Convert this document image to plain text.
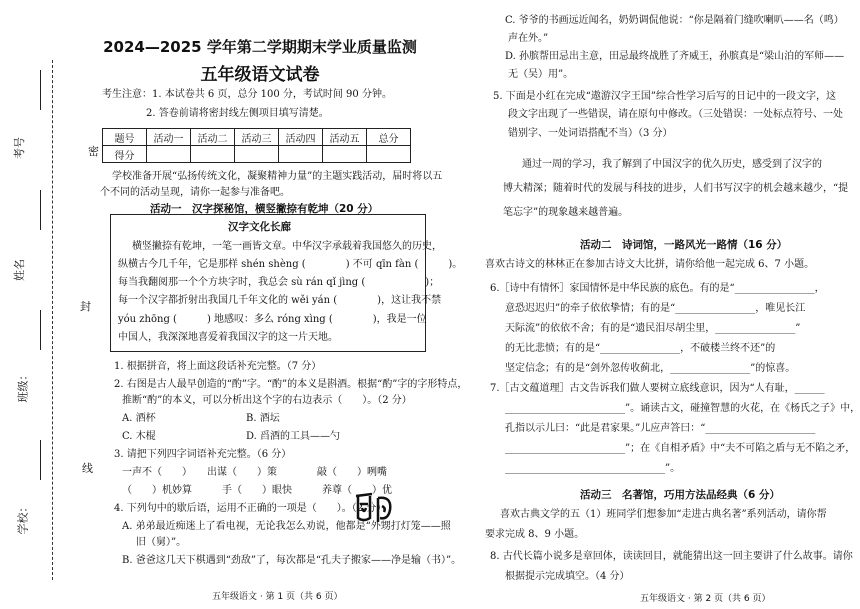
密
封
线
考号
姓名
班级：
学校：
2024—2025 学年第二学期期末学业质量监测
五年级语文试卷
考生注意：1. 本试卷共 6 页，总分 100 分，考试时间 90 分钟。
2. 答卷前请将密封线左侧项目填写清楚。
题号	活动一	活动二	活动三	活动四	活动五	总分
得分						
学校准备开展“弘扬传统文化，凝聚精神力量”的主题实践活动，届时将以五
个不同的活动呈现，请你一起参与准备吧。
活动一　汉字探秘馆，横竖撇捺有乾坤（20 分）
汉字文化长廊
横竖撇捺有乾坤，一笔一画皆文章。中华汉字承载着我国悠久的历史，
纵横古今几千年，它是那样 shén shèng (　　　　) 不可 qīn fàn (　　　)。
每当我翻阅那一个个方块字时，我总会 sù rán qǐ jìng (　　　　　　)；
每一个汉字都折射出我国几千年文化的 wěi yán (　　　　)，这让我不禁
yóu zhōng (　　　) 地感叹：多么 róng xìng (　　　　)，我是一位
中国人，我深深地喜爱着我国汉字的这一片天地。
1. 根据拼音，将上面这段话补充完整。（7 分）
2. 右图是古人最早创造的“酌”字。“酌”的本义是斟酒。根据“酌”字的字形特点，
推断“酌”的本义，可以分析出这个字的右边表示（　　）。（2 分）
A. 酒杯	B. 酒坛
C. 木棍	D. 舀酒的工具——勺
3. 请把下列四字词语补充完整。（6 分）
一声不（　　）　　出谋（　　）策　　　　敲（　　）咧嘴
（　　）机妙算　　　手（　　）眼快　　　养尊（　　）优
4. 下列句中的歇后语，运用不正确的一项是（　　）。（2 分）
A. 弟弟最近痴迷上了看电视，无论我怎么劝说，他都是“外甥打灯笼——照
旧（舅）”。
B. 爸爸这几天下棋遇到“劲敌”了，每次都是“孔夫子搬家——净是输（书）”。
五年级语文 · 第 1 页（共 6 页）
C. 爷爷的书画远近闻名，奶奶调侃他说：“你是隔着门缝吹喇叭——名（鸣）
声在外。”
D. 孙膑帮田忌出主意，田忌最终战胜了齐威王，孙膑真是“梁山泊的军师——
无（吴）用”。
5. 下面是小红在完成“遨游汉字王国”综合性学习后写的日记中的一段文字，这
段文字出现了一些错误，请在原句中修改。（三处错误：一处标点符号、一处
错别字、一处词语搭配不当）（3 分）
通过一周的学习，我了解到了中国汉字的优久历史，感受到了汉字的
博大精深；随着时代的发展与科技的进步，人们书写汉字的机会越来越少，“提
笔忘字”的现象越来越普遍。
活动二　诗词馆，一路风光一路情（16 分）
喜欢古诗文的林林正在参加古诗文大比拼，请你给他一起完成 6、7 小题。
6.［诗中有情怀］家国情怀是中华民族的底色。有的是“________________，
意恐迟迟归”的牵子依依挚情；有的是“________________，唯见长江
天际流”的依依不舍；有的是“遗民泪尽胡尘里，________________”
的无比悲愤；有的是“________________，不破楼兰终不还”的
坚定信念；有的是“剑外忽传收蓟北，________________”的惊喜。
7.［古文蕴道理］古文告诉我们做人要树立底线意识，因为“人有耻，______
________________________”。诵读古文，碰撞智慧的火花，在《杨氏之子》中，
孔指以示儿曰：“此是君家果。”儿应声答曰：“______________________
________________________”；在《自相矛盾》中“夫不可陷之盾与无不陷之矛，
________________________________”。
活动三　名著馆，巧用方法品经典（6 分）
喜欢古典文学的五（1）班同学们想参加“走进古典名著”系列活动，请你帮
要求完成 8、9 小题。
8. 古代长篇小说多是章回体，读读回目，就能猜出这一回主要讲了什么故事。请你
根据提示完成填空。（4 分）
五年级语文 · 第 2 页（共 6 页）
